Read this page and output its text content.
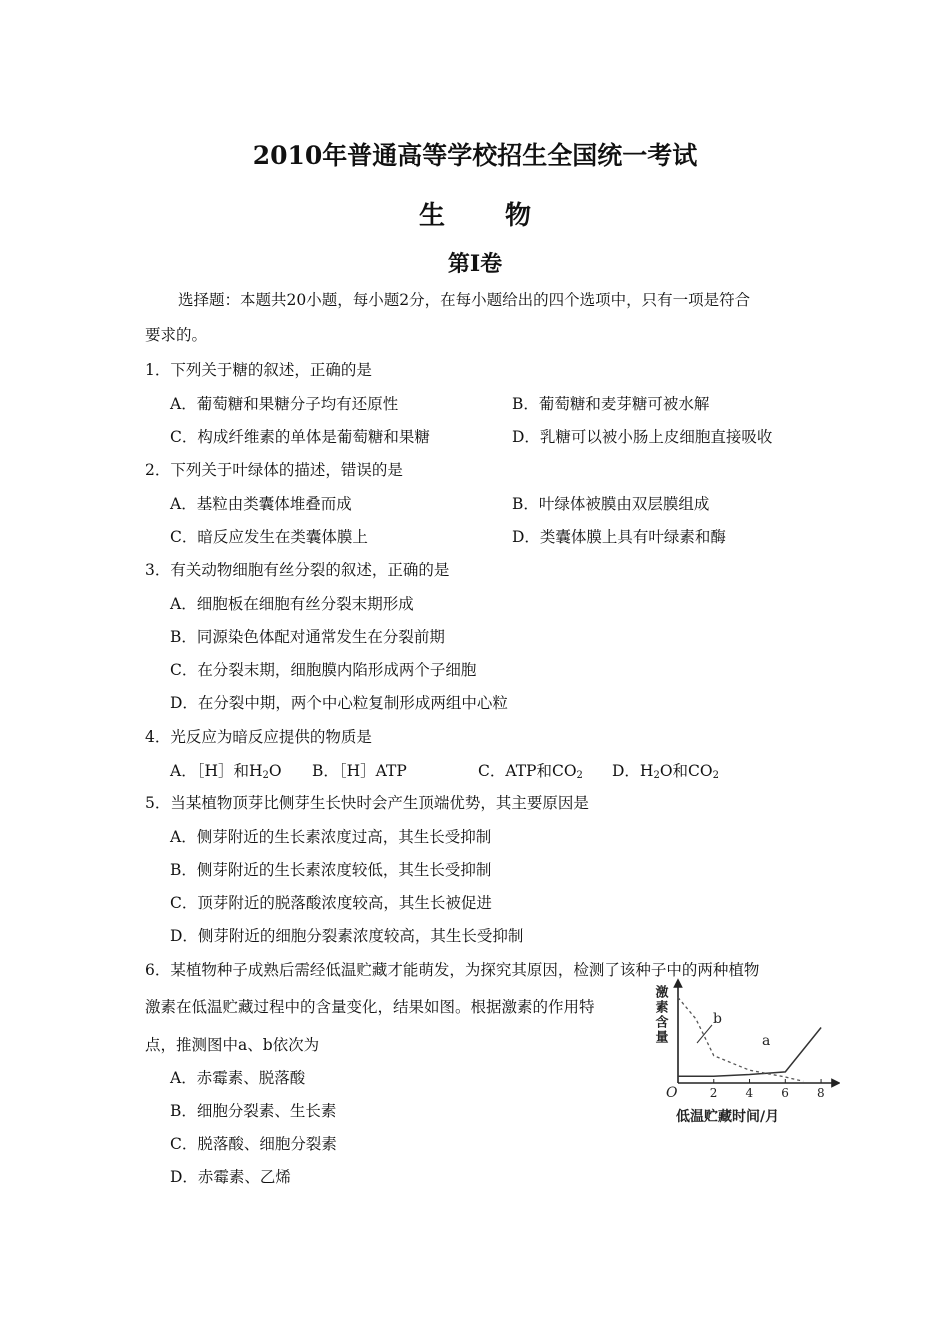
2010年普通高等学校招生全国统一考试
生物
第I卷
选择题：本题共20小题，每小题2分，在每小题给出的四个选项中，只有一项是符合
要求的。
1．下列关于糖的叙述，正确的是
A．葡萄糖和果糖分子均有还原性	B．葡萄糖和麦芽糖可被水解
C．构成纤维素的单体是葡萄糖和果糖	D．乳糖可以被小肠上皮细胞直接吸收
2．下列关于叶绿体的描述，错误的是
A．基粒由类囊体堆叠而成	B．叶绿体被膜由双层膜组成
C．暗反应发生在类囊体膜上	D．类囊体膜上具有叶绿素和酶
3．有关动物细胞有丝分裂的叙述，正确的是
A．细胞板在细胞有丝分裂末期形成
B．同源染色体配对通常发生在分裂前期
C．在分裂末期，细胞膜内陷形成两个子细胞
D．在分裂中期，两个中心粒复制形成两组中心粒
4．光反应为暗反应提供的物质是
A．［H］和$H_2O$ B．［H］ATP	C．ATP和$CO_2$ D．$H_2O$和$CO_2$
5．当某植物顶芽比侧芽生长快时会产生顶端优势，其主要原因是
A．侧芽附近的生长素浓度过高，其生长受抑制
B．侧芽附近的生长素浓度较低，其生长受抑制
C．顶芽附近的脱落酸浓度较高，其生长被促进
D．侧芽附近的细胞分裂素浓度较高，其生长受抑制
6．某植物种子成熟后需经低温贮藏才能萌发，为探究其原因，检测了该种子中的两种植物
激素在低温贮藏过程中的含量变化，结果如图。根据激素的作用特
点，推测图中a、b依次为
A．赤霉素、脱落酸
B．细胞分裂素、生长素
C．脱落酸、细胞分裂素
D．赤霉素、乙烯
激素含量
O	2 4 6 8
a
b
低温贮藏时间/月
